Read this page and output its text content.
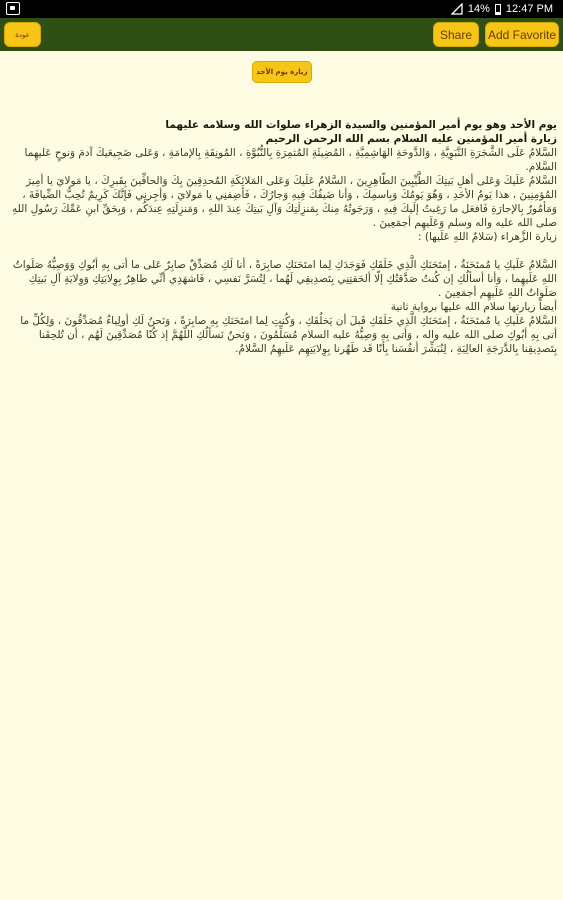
14% 12:47 PM
عودة	Share	Add Favorite
زيارة يوم الأحد

يوم الأحد وهو يوم أمير المؤمنين والسيدة الزهراء صلوات الله وسلامه عليهما

زيارة أمير المؤمنين عليه السلام بسم الله الرحمن الرحيم

السَّلامُ عَلَى الشَّجَرَةِ النَّبَوِيَّةِ ، وَالدَّوحَةِ الهَاشِمِيَّةِ ، المُضِيئَةِ المُثمِرَةِ بِالنُّبُوَّةِ ، المُونِقَةِ بِالإمامَةِ ، وَعَلى ضَجِيعَيكَ آدمَ وَنوحٍ عَليهِما السَّلام.

السَّلامُ عَلَيكَ وَعَلى أهلِ بَيتِكَ الطَّيِّبِينَ الطّاهِرِينَ ، السَّلامُ عَلَيكَ وَعَلى المَلائِكَةِ المُحدِقِينَ بِكَ وَالحافِّينَ بِقَبرِكَ ، يا مَولايَ يا أمِيرَ المُؤمِنِينَ ، هذا يَومُ الأحَدِ ، وَهُوَ يَومُكَ وَبِاسمِكَ ، وَأنا ضَيفُكَ فِيهِ وَجارُكَ ، فَأضِفنِي يا مَولايَ ، وَأجِرنِي فَإنَّكَ كَرِيمٌ تُحِبُّ الضِّيافَةَ ، وَمَأمُورٌ بِالإجارَةِ فَافعَل ما رَغِبتُ إلَيكَ فِيهِ ، وَرَجَوتُهُ مِنكَ بِمَنزِلَتِكَ وَآلِ بَيتِكَ عِندَ اللهِ ، وَمَنزِلَتِهِ عِندَكُم ، وَبِحَقِّ ابنِ عَمِّكَ رَسُولِ اللهِ صلى الله عليه واله وسلم وَعَلَيهِم أجمَعِينَ .

زيارة الزَّهراء (سَلامُ اللهِ عَلَيها) :

السَّلامُ عَلَيكِ يا مُمتَحَنَةُ ، إمتَحَنَكِ الَّذِي خَلَقَكِ فَوَجَدَكِ لِما امتَحَنَكِ صابِرَةً ، أنا لَكِ مُصَدِّقٌ صابِرٌ عَلى ما أتى بِهِ أبُوكِ وَوَصِيُّهُ صَلَواتُ اللهِ عَلَيهِما ، وَأنا أسألُكِ إن كُنتُ صَدَّقتُكِ إلّا ألحَقتِنِي بِتَصدِيقِي لَهُما ، لِتُسَرَّ نَفسِي ، فَاشهَدِي أنِّي طاهِرٌ بِوِلايَتِكِ وَوِلايَةِ آلِ بَيتِكِ صَلَواتُ اللهِ عَلَيهِم أجمَعِينَ .

أيضاً زيارتها سلام الله عليها برواية ثانية

السَّلامُ عَلَيكِ يا مُمتَحَنَةُ ، إمتَحَنَكِ الَّذِي خَلَقَكِ قَبلَ أن يَخلُقَكِ ، وَكُنتِ لِما امتَحَنَكِ بِهِ صابِرَةً ، وَنَحنُ لَكِ أولِياءُ مُصَدِّقُونَ ، وَلِكُلِّ ما أتى بِهِ أبُوكِ صلى الله عليه واله ، وَأتى بِهِ وَصِيُّهُ عليه السلام مُسَلِّمُونَ ، وَنَحنُ نَسألُكِ اللّهُمَّ إذ كُنّا مُصَدِّقِينَ لَهُم ، أن تُلحِقَنا بِتَصدِيقِنا بِالدَّرَجَةِ العالِيَةِ ، لِنُبَشِّرَ أنفُسَنا بِأنّا قَد طَهُرنا بِوِلايَتِهِم عَلَيهِمُ السَّلامُ.
